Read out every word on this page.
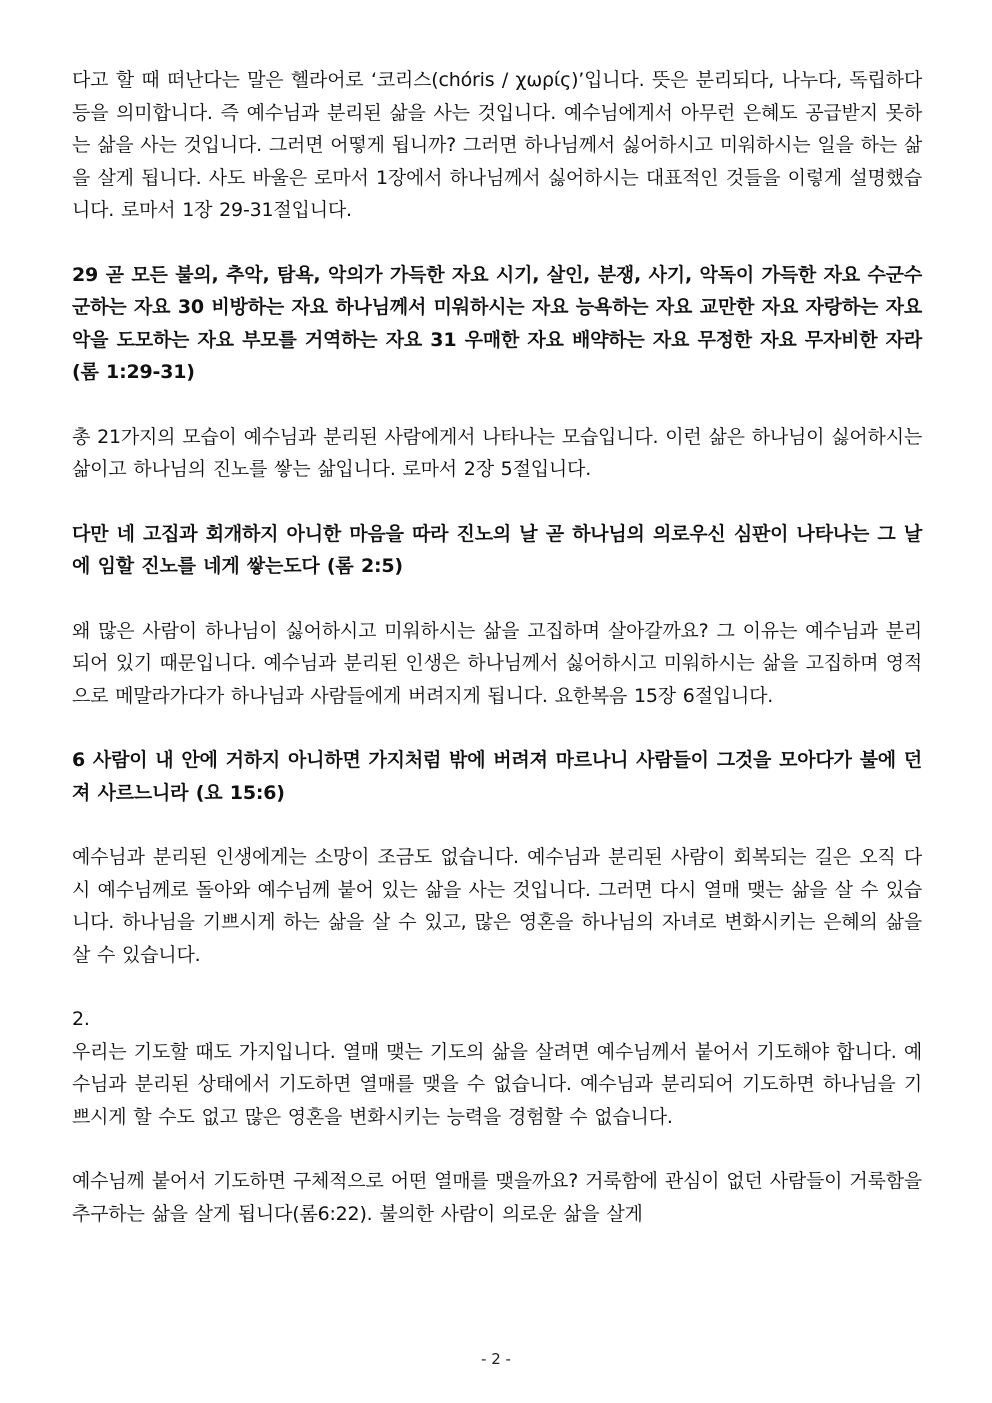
다고 할 때 떠난다는 말은 헬라어로 ‘코리스(chóris / χωρίς)’입니다. 뜻은 분리되다, 나누다, 독립하다 등을 의미합니다. 즉 예수님과 분리된 삶을 사는 것입니다. 예수님에게서 아무런 은혜도 공급받지 못하는 삶을 사는 것입니다. 그러면 어떻게 됩니까? 그러면 하나님께서 싫어하시고 미워하시는 일을 하는 삶을 살게 됩니다. 사도 바울은 로마서 1장에서 하나님께서 싫어하시는 대표적인 것들을 이렇게 설명했습니다. 로마서 1장 29-31절입니다.

29 곧 모든 불의, 추악, 탐욕, 악의가 가득한 자요 시기, 살인, 분쟁, 사기, 악독이 가득한 자요 수군수군하는 자요 30 비방하는 자요 하나님께서 미워하시는 자요 능욕하는 자요 교만한 자요 자랑하는 자요 악을 도모하는 자요 부모를 거역하는 자요 31 우매한 자요 배약하는 자요 무정한 자요 무자비한 자라 (롬 1:29-31)

총 21가지의 모습이 예수님과 분리된 사람에게서 나타나는 모습입니다. 이런 삶은 하나님이 싫어하시는 삶이고 하나님의 진노를 쌓는 삶입니다. 로마서 2장 5절입니다.

다만 네 고집과 회개하지 아니한 마음을 따라 진노의 날 곧 하나님의 의로우신 심판이 나타나는 그 날에 임할 진노를 네게 쌓는도다 (롬 2:5)

왜 많은 사람이 하나님이 싫어하시고 미워하시는 삶을 고집하며 살아갈까요? 그 이유는 예수님과 분리되어 있기 때문입니다. 예수님과 분리된 인생은 하나님께서 싫어하시고 미워하시는 삶을 고집하며 영적으로 메말라가다가 하나님과 사람들에게 버려지게 됩니다. 요한복음 15장 6절입니다.

6 사람이 내 안에 거하지 아니하면 가지처럼 밖에 버려져 마르나니 사람들이 그것을 모아다가 불에 던져 사르느니라 (요 15:6)

예수님과 분리된 인생에게는 소망이 조금도 없습니다. 예수님과 분리된 사람이 회복되는 길은 오직 다시 예수님께로 돌아와 예수님께 붙어 있는 삶을 사는 것입니다. 그러면 다시 열매 맺는 삶을 살 수 있습니다. 하나님을 기쁘시게 하는 삶을 살 수 있고, 많은 영혼을 하나님의 자녀로 변화시키는 은혜의 삶을 살 수 있습니다.

2.

우리는 기도할 때도 가지입니다. 열매 맺는 기도의 삶을 살려면 예수님께서 붙어서 기도해야 합니다. 예수님과 분리된 상태에서 기도하면 열매를 맺을 수 없습니다. 예수님과 분리되어 기도하면 하나님을 기쁘시게 할 수도 없고 많은 영혼을 변화시키는 능력을 경험할 수 없습니다.

예수님께 붙어서 기도하면 구체적으로 어떤 열매를 맺을까요? 거룩함에 관심이 없던 사람들이 거룩함을 추구하는 삶을 살게 됩니다(롬6:22). 불의한 사람이 의로운 삶을 살게

- 2 -
